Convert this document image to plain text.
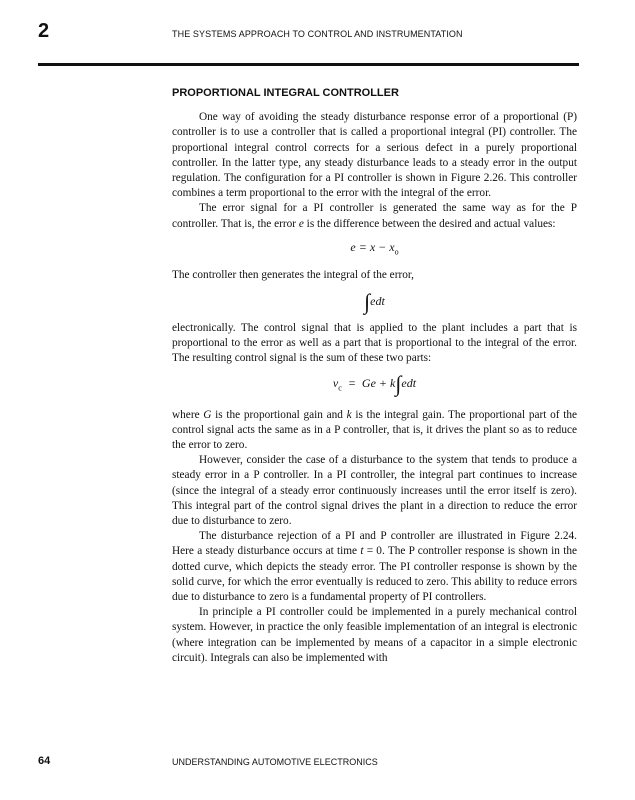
2	THE SYSTEMS APPROACH TO CONTROL AND INSTRUMENTATION
PROPORTIONAL INTEGRAL CONTROLLER

One way of avoiding the steady disturbance response error of a proportional (P) controller is to use a controller that is called a proportional integral (PI) controller. The proportional integral control corrects for a serious defect in a purely proportional controller. In the latter type, any steady disturbance leads to a steady error in the output regulation. The configuration for a PI controller is shown in Figure 2.26. This controller combines a term proportional to the error with the integral of the error.

The error signal for a PI controller is generated the same way as for the P controller. That is, the error e is the difference between the desired and actual values:

$e = x - x_o$

The controller then generates the integral of the error,

∫edt

electronically. The control signal that is applied to the plant includes a part that is proportional to the error as well as a part that is proportional to the integral of the error. The resulting control signal is the sum of these two parts:

$v_c = Ge + k\int edt$

where G is the proportional gain and k is the integral gain. The proportional part of the control signal acts the same as in a P controller, that is, it drives the plant so as to reduce the error to zero.

However, consider the case of a disturbance to the system that tends to produce a steady error in a P controller. In a PI controller, the integral part continues to increase (since the integral of a steady error continuously increases until the error itself is zero). This integral part of the control signal drives the plant in a direction to reduce the error due to disturbance to zero.

The disturbance rejection of a PI and P controller are illustrated in Figure 2.24. Here a steady disturbance occurs at time t = 0. The P controller response is shown in the dotted curve, which depicts the steady error. The PI controller response is shown by the solid curve, for which the error eventually is reduced to zero. This ability to reduce errors due to disturbance to zero is a fundamental property of PI controllers.

In principle a PI controller could be implemented in a purely mechanical control system. However, in practice the only feasible implementation of an integral is electronic (where integration can be implemented by means of a capacitor in a simple electronic circuit). Integrals can also be implemented with

64	UNDERSTANDING AUTOMOTIVE ELECTRONICS
